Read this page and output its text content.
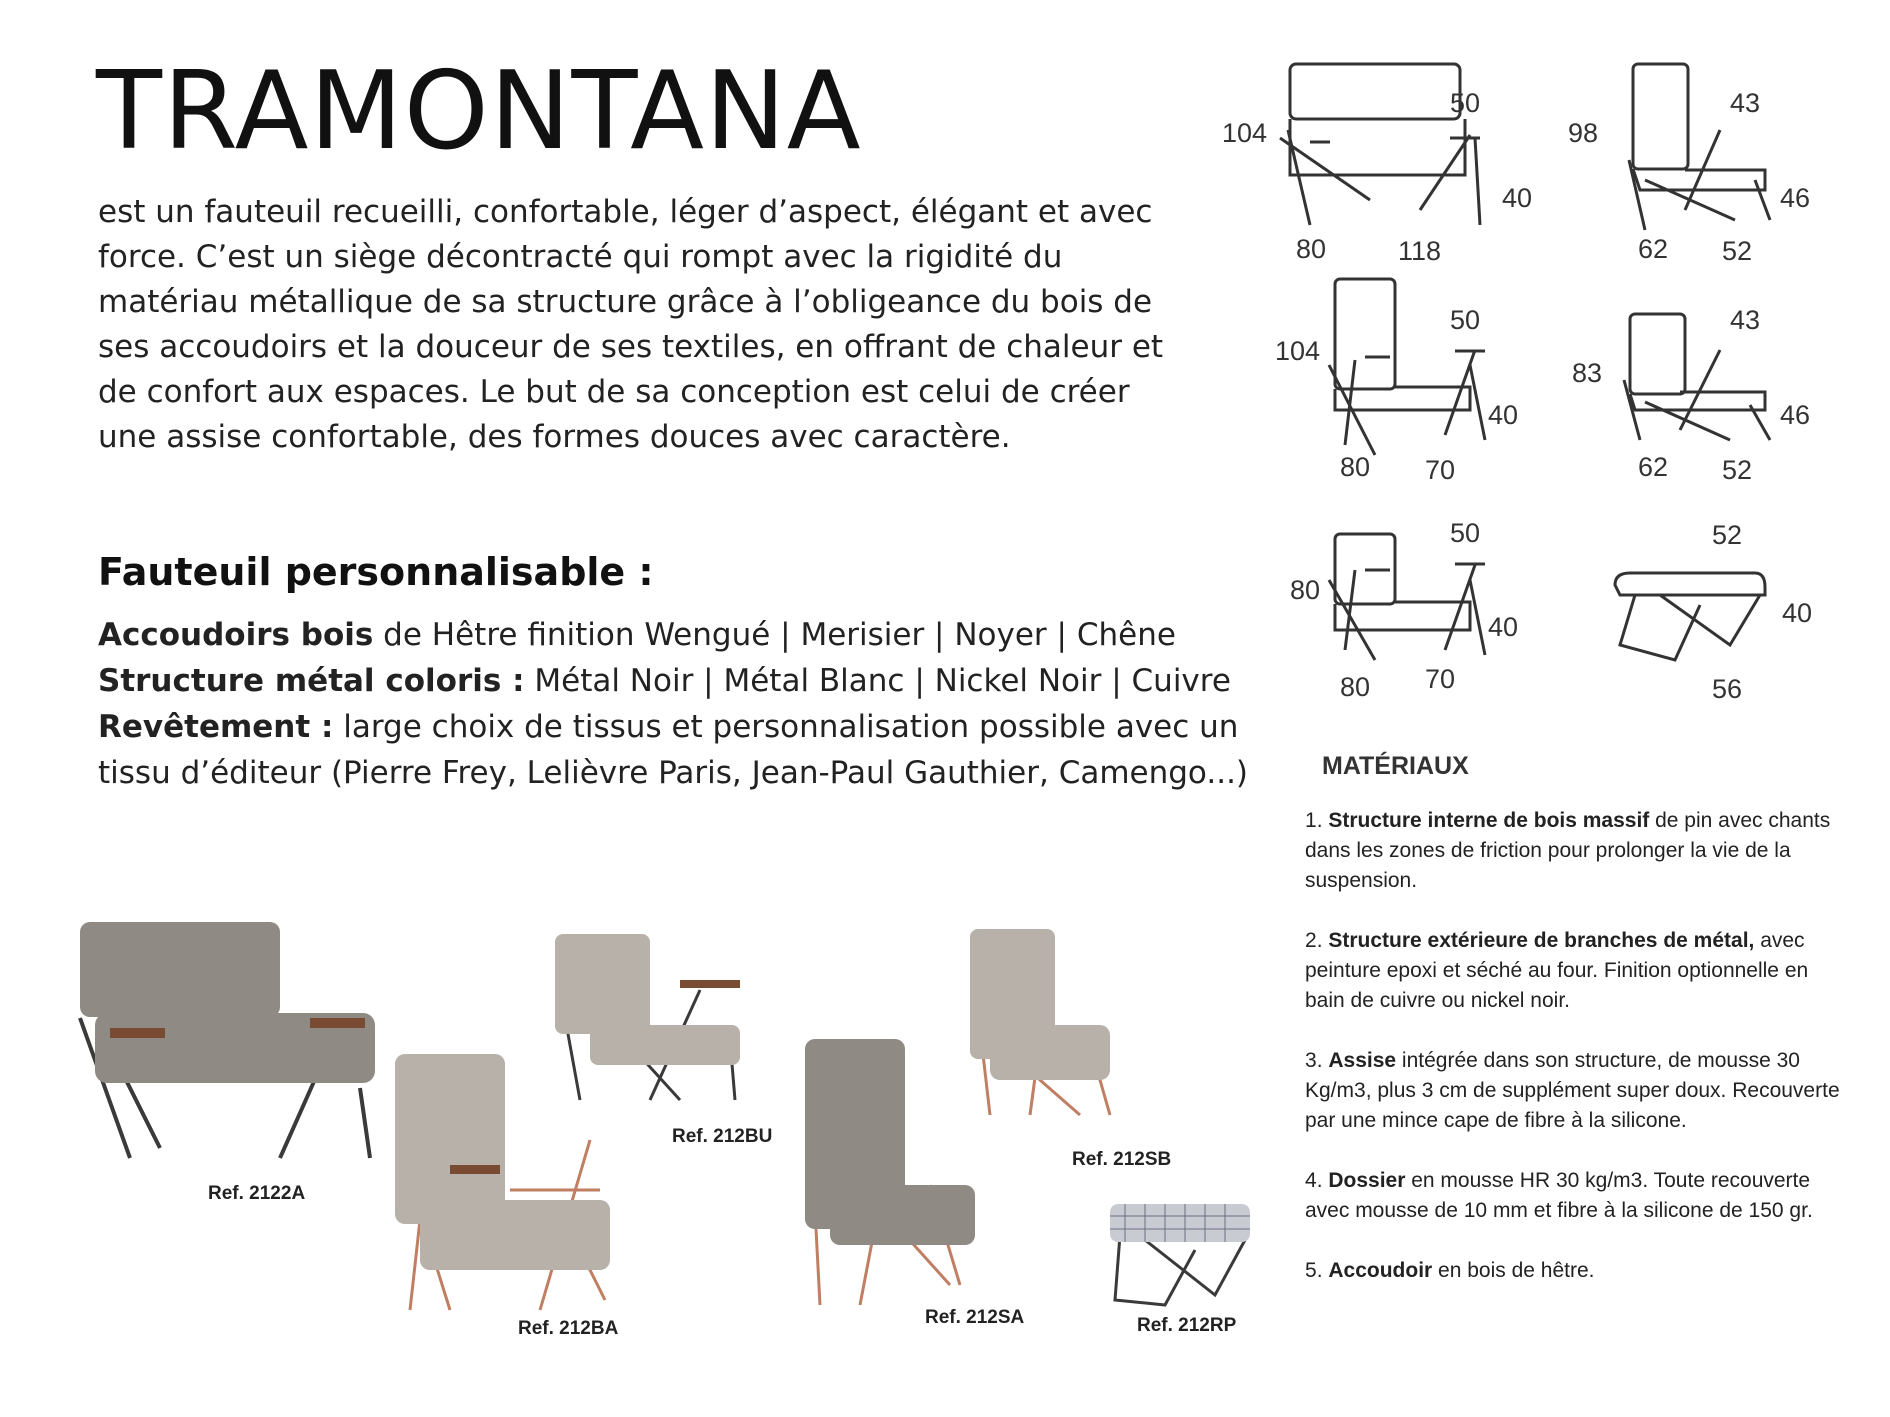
TRAMONTANA
est un fauteuil recueilli, confortable, léger d’aspect, élégant et avec force. C’est un siège décontracté qui rompt avec la rigidité du matériau métallique de sa structure grâce à l’obligeance du bois de ses accoudoirs et la douceur de ses textiles, en offrant de chaleur et de confort aux espaces. Le but de sa conception est celui de créer une assise confortable, des formes douces avec caractère.
Fauteuil personnalisable :
Accoudoirs bois de Hêtre finition Wengué | Merisier | Noyer | Chêne
Structure métal coloris : Métal Noir | Métal Blanc | Nickel Noir | Cuivre
Revêtement : large choix de tissus et personnalisation possible avec un tissu d’éditeur (Pierre Frey, Lelièvre Paris, Jean-Paul Gauthier, Camengo...)
104
50
40
80	118
98
43
46
62 52
104
50
40
80 70
83
43
46
62 52
80
50
40
80 70
52
40
56
MATÉRIAUX
1. Structure interne de bois massif de pin avec chants dans les zones de friction pour prolonger la vie de la suspension.
2. Structure extérieure de branches de métal, avec peinture epoxi et séché au four. Finition optionnelle en bain de cuivre ou nickel noir.
3. Assise intégrée dans son structure, de mousse 30 Kg/m3, plus 3 cm de supplément super doux. Recouverte par une mince cape de fibre à la silicone.
4. Dossier en mousse HR 30 kg/m3. Toute recouverte avec mousse de 10 mm et fibre à la silicone de 150 gr.
5. Accoudoir en bois de hêtre.
Ref. 2122A
Ref. 212BU
Ref. 212BA
Ref. 212SB
Ref. 212SA	Ref. 212RP
